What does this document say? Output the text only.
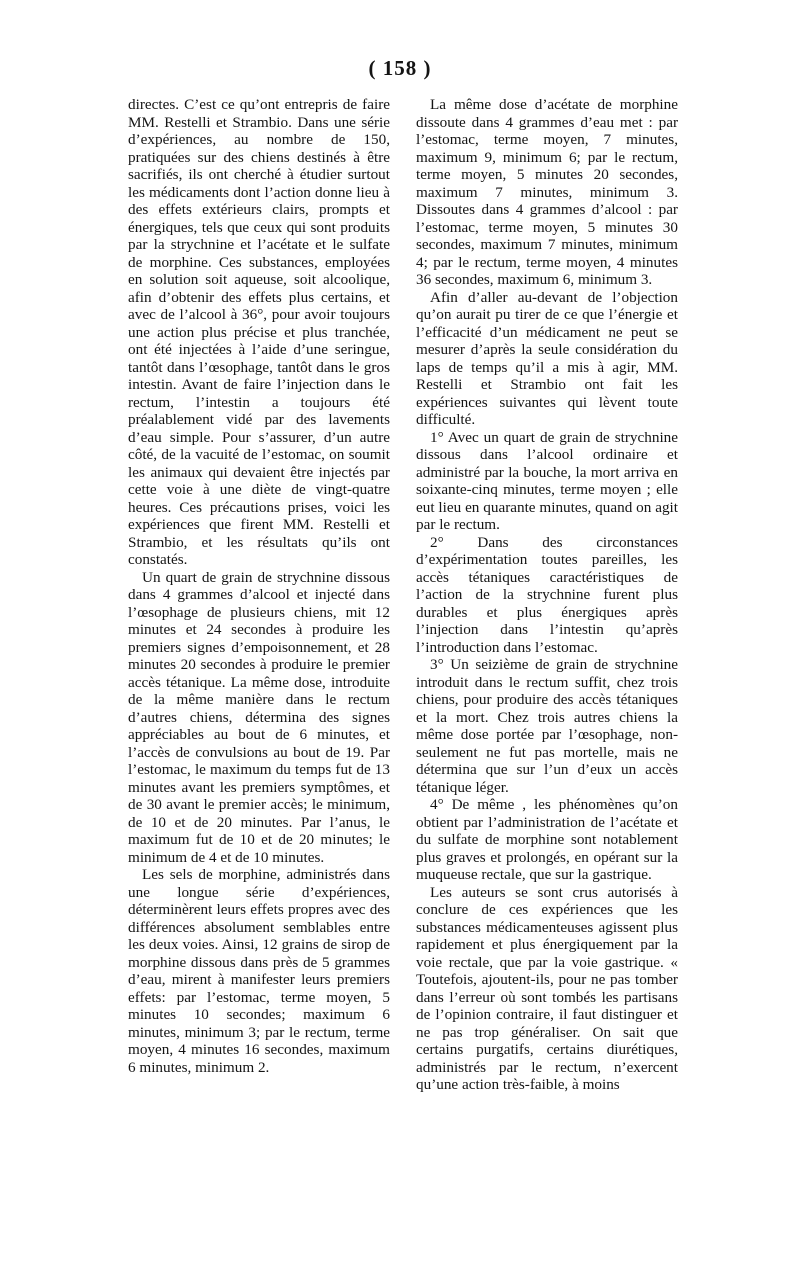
( 158 )

directes. C’est ce qu’ont entrepris de faire MM. Restelli et Strambio. Dans une série d’expériences, au nombre de 150, pratiquées sur des chiens destinés à être sacrifiés, ils ont cherché à étudier surtout les médicaments dont l’action donne lieu à des effets extérieurs clairs, prompts et énergiques, tels que ceux qui sont produits par la strychnine et l’acétate et le sulfate de morphine. Ces substances, employées en solution soit aqueuse, soit alcoolique, afin d’obtenir des effets plus certains, et avec de l’alcool à 36°, pour avoir toujours une action plus précise et plus tranchée, ont été injectées à l’aide d’une seringue, tantôt dans l’œsophage, tantôt dans le gros intestin. Avant de faire l’injection dans le rectum, l’intestin a toujours été préalablement vidé par des lavements d’eau simple. Pour s’assurer, d’un autre côté, de la vacuité de l’estomac, on soumit les animaux qui devaient être injectés par cette voie à une diète de vingt-quatre heures. Ces précautions prises, voici les expériences que firent MM. Restelli et Strambio, et les résultats qu’ils ont constatés.

Un quart de grain de strychnine dissous dans 4 grammes d’alcool et injecté dans l’œsophage de plusieurs chiens, mit 12 minutes et 24 secondes à produire les premiers signes d’empoisonnement, et 28 minutes 20 secondes à produire le premier accès tétanique. La même dose, introduite de la même manière dans le rectum d’autres chiens, détermina des signes appréciables au bout de 6 minutes, et l’accès de convulsions au bout de 19. Par l’estomac, le maximum du temps fut de 13 minutes avant les premiers symptômes, et de 30 avant le premier accès; le minimum, de 10 et de 20 minutes. Par l’anus, le maximum fut de 10 et de 20 minutes; le minimum de 4 et de 10 minutes.

Les sels de morphine, administrés dans une longue série d’expériences, déterminèrent leurs effets propres avec des différences absolument semblables entre les deux voies. Ainsi, 12 grains de sirop de morphine dissous dans près de 5 grammes d’eau, mirent à manifester leurs premiers effets: par l’estomac, terme moyen, 5 minutes 10 secondes; maximum 6 minutes, minimum 3; par le rectum, terme moyen, 4 minutes 16 secondes, maximum 6 minutes, minimum 2.

La même dose d’acétate de morphine dissoute dans 4 grammes d’eau met : par l’estomac, terme moyen, 7 minutes, maximum 9, minimum 6; par le rectum, terme moyen, 5 minutes 20 secondes, maximum 7 minutes, minimum 3. Dissoutes dans 4 grammes d’alcool : par l’estomac, terme moyen, 5 minutes 30 secondes, maximum 7 minutes, minimum 4; par le rectum, terme moyen, 4 minutes 36 secondes, maximum 6, minimum 3.

Afin d’aller au-devant de l’objection qu’on aurait pu tirer de ce que l’énergie et l’efficacité d’un médicament ne peut se mesurer d’après la seule considération du laps de temps qu’il a mis à agir, MM. Restelli et Strambio ont fait les expériences suivantes qui lèvent toute difficulté.

1° Avec un quart de grain de strychnine dissous dans l’alcool ordinaire et administré par la bouche, la mort arriva en soixante-cinq minutes, terme moyen ; elle eut lieu en quarante minutes, quand on agit par le rectum.

2° Dans des circonstances d’expérimentation toutes pareilles, les accès tétaniques caractéristiques de l’action de la strychnine furent plus durables et plus énergiques après l’injection dans l’intestin qu’après l’introduction dans l’estomac.

3° Un seizième de grain de strychnine introduit dans le rectum suffit, chez trois chiens, pour produire des accès tétaniques et la mort. Chez trois autres chiens la même dose portée par l’œsophage, non-seulement ne fut pas mortelle, mais ne détermina que sur l’un d’eux un accès tétanique léger.

4° De même , les phénomènes qu’on obtient par l’administration de l’acétate et du sulfate de morphine sont notablement plus graves et prolongés, en opérant sur la muqueuse rectale, que sur la gastrique.

Les auteurs se sont crus autorisés à conclure de ces expériences que les substances médicamenteuses agissent plus rapidement et plus énergiquement par la voie rectale, que par la voie gastrique. « Toutefois, ajoutent-ils, pour ne pas tomber dans l’erreur où sont tombés les partisans de l’opinion contraire, il faut distinguer et ne pas trop généraliser. On sait que certains purgatifs, certains diurétiques, administrés par le rectum, n’exercent qu’une action très-faible, à moins
